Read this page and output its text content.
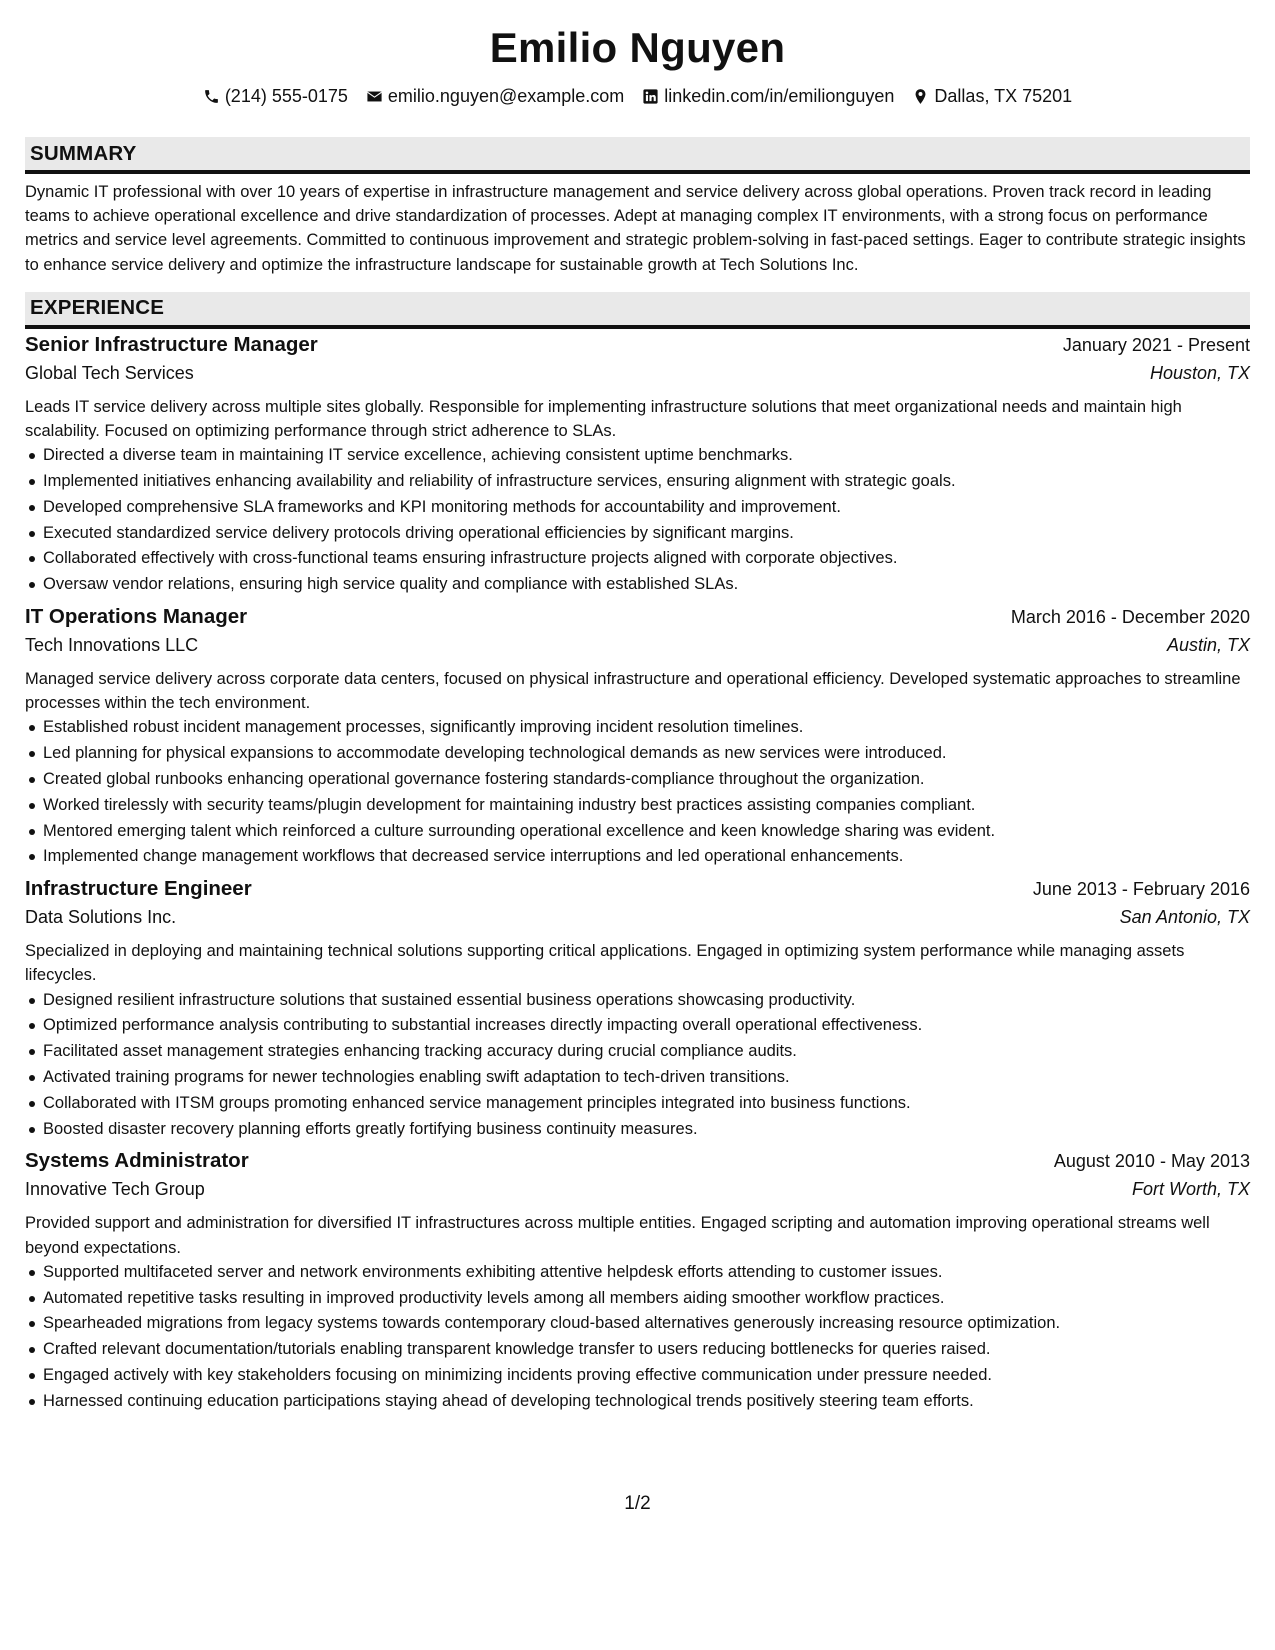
Emilio Nguyen
(214) 555-0175 emilio.nguyen@example.com linkedin.com/in/emilionguyen Dallas, TX 75201
SUMMARY

Dynamic IT professional with over 10 years of expertise in infrastructure management and service delivery across global operations. Proven track record in leading teams to achieve operational excellence and drive standardization of processes. Adept at managing complex IT environments, with a strong focus on performance metrics and service level agreements. Committed to continuous improvement and strategic problem-solving in fast-paced settings. Eager to contribute strategic insights to enhance service delivery and optimize the infrastructure landscape for sustainable growth at Tech Solutions Inc.

EXPERIENCE
Senior Infrastructure Manager	January 2021 - Present
Global Tech Services	Houston, TX

Leads IT service delivery across multiple sites globally. Responsible for implementing infrastructure solutions that meet organizational needs and maintain high scalability. Focused on optimizing performance through strict adherence to SLAs.

Directed a diverse team in maintaining IT service excellence, achieving consistent uptime benchmarks.
Implemented initiatives enhancing availability and reliability of infrastructure services, ensuring alignment with strategic goals.
Developed comprehensive SLA frameworks and KPI monitoring methods for accountability and improvement.
Executed standardized service delivery protocols driving operational efficiencies by significant margins.
Collaborated effectively with cross-functional teams ensuring infrastructure projects aligned with corporate objectives.
Oversaw vendor relations, ensuring high service quality and compliance with established SLAs.
IT Operations Manager	March 2016 - December 2020
Tech Innovations LLC	Austin, TX

Managed service delivery across corporate data centers, focused on physical infrastructure and operational efficiency. Developed systematic approaches to streamline processes within the tech environment.

Established robust incident management processes, significantly improving incident resolution timelines.
Led planning for physical expansions to accommodate developing technological demands as new services were introduced.
Created global runbooks enhancing operational governance fostering standards-compliance throughout the organization.
Worked tirelessly with security teams/plugin development for maintaining industry best practices assisting companies compliant.
Mentored emerging talent which reinforced a culture surrounding operational excellence and keen knowledge sharing was evident.
Implemented change management workflows that decreased service interruptions and led operational enhancements.
Infrastructure Engineer	June 2013 - February 2016
Data Solutions Inc.	San Antonio, TX

Specialized in deploying and maintaining technical solutions supporting critical applications. Engaged in optimizing system performance while managing assets lifecycles.

Designed resilient infrastructure solutions that sustained essential business operations showcasing productivity.
Optimized performance analysis contributing to substantial increases directly impacting overall operational effectiveness.
Facilitated asset management strategies enhancing tracking accuracy during crucial compliance audits.
Activated training programs for newer technologies enabling swift adaptation to tech-driven transitions.
Collaborated with ITSM groups promoting enhanced service management principles integrated into business functions.
Boosted disaster recovery planning efforts greatly fortifying business continuity measures.
Systems Administrator	August 2010 - May 2013
Innovative Tech Group	Fort Worth, TX

Provided support and administration for diversified IT infrastructures across multiple entities. Engaged scripting and automation improving operational streams well beyond expectations.

Supported multifaceted server and network environments exhibiting attentive helpdesk efforts attending to customer issues.
Automated repetitive tasks resulting in improved productivity levels among all members aiding smoother workflow practices.
Spearheaded migrations from legacy systems towards contemporary cloud-based alternatives generously increasing resource optimization.
Crafted relevant documentation/tutorials enabling transparent knowledge transfer to users reducing bottlenecks for queries raised.
Engaged actively with key stakeholders focusing on minimizing incidents proving effective communication under pressure needed.
Harnessed continuing education participations staying ahead of developing technological trends positively steering team efforts.
1/2
